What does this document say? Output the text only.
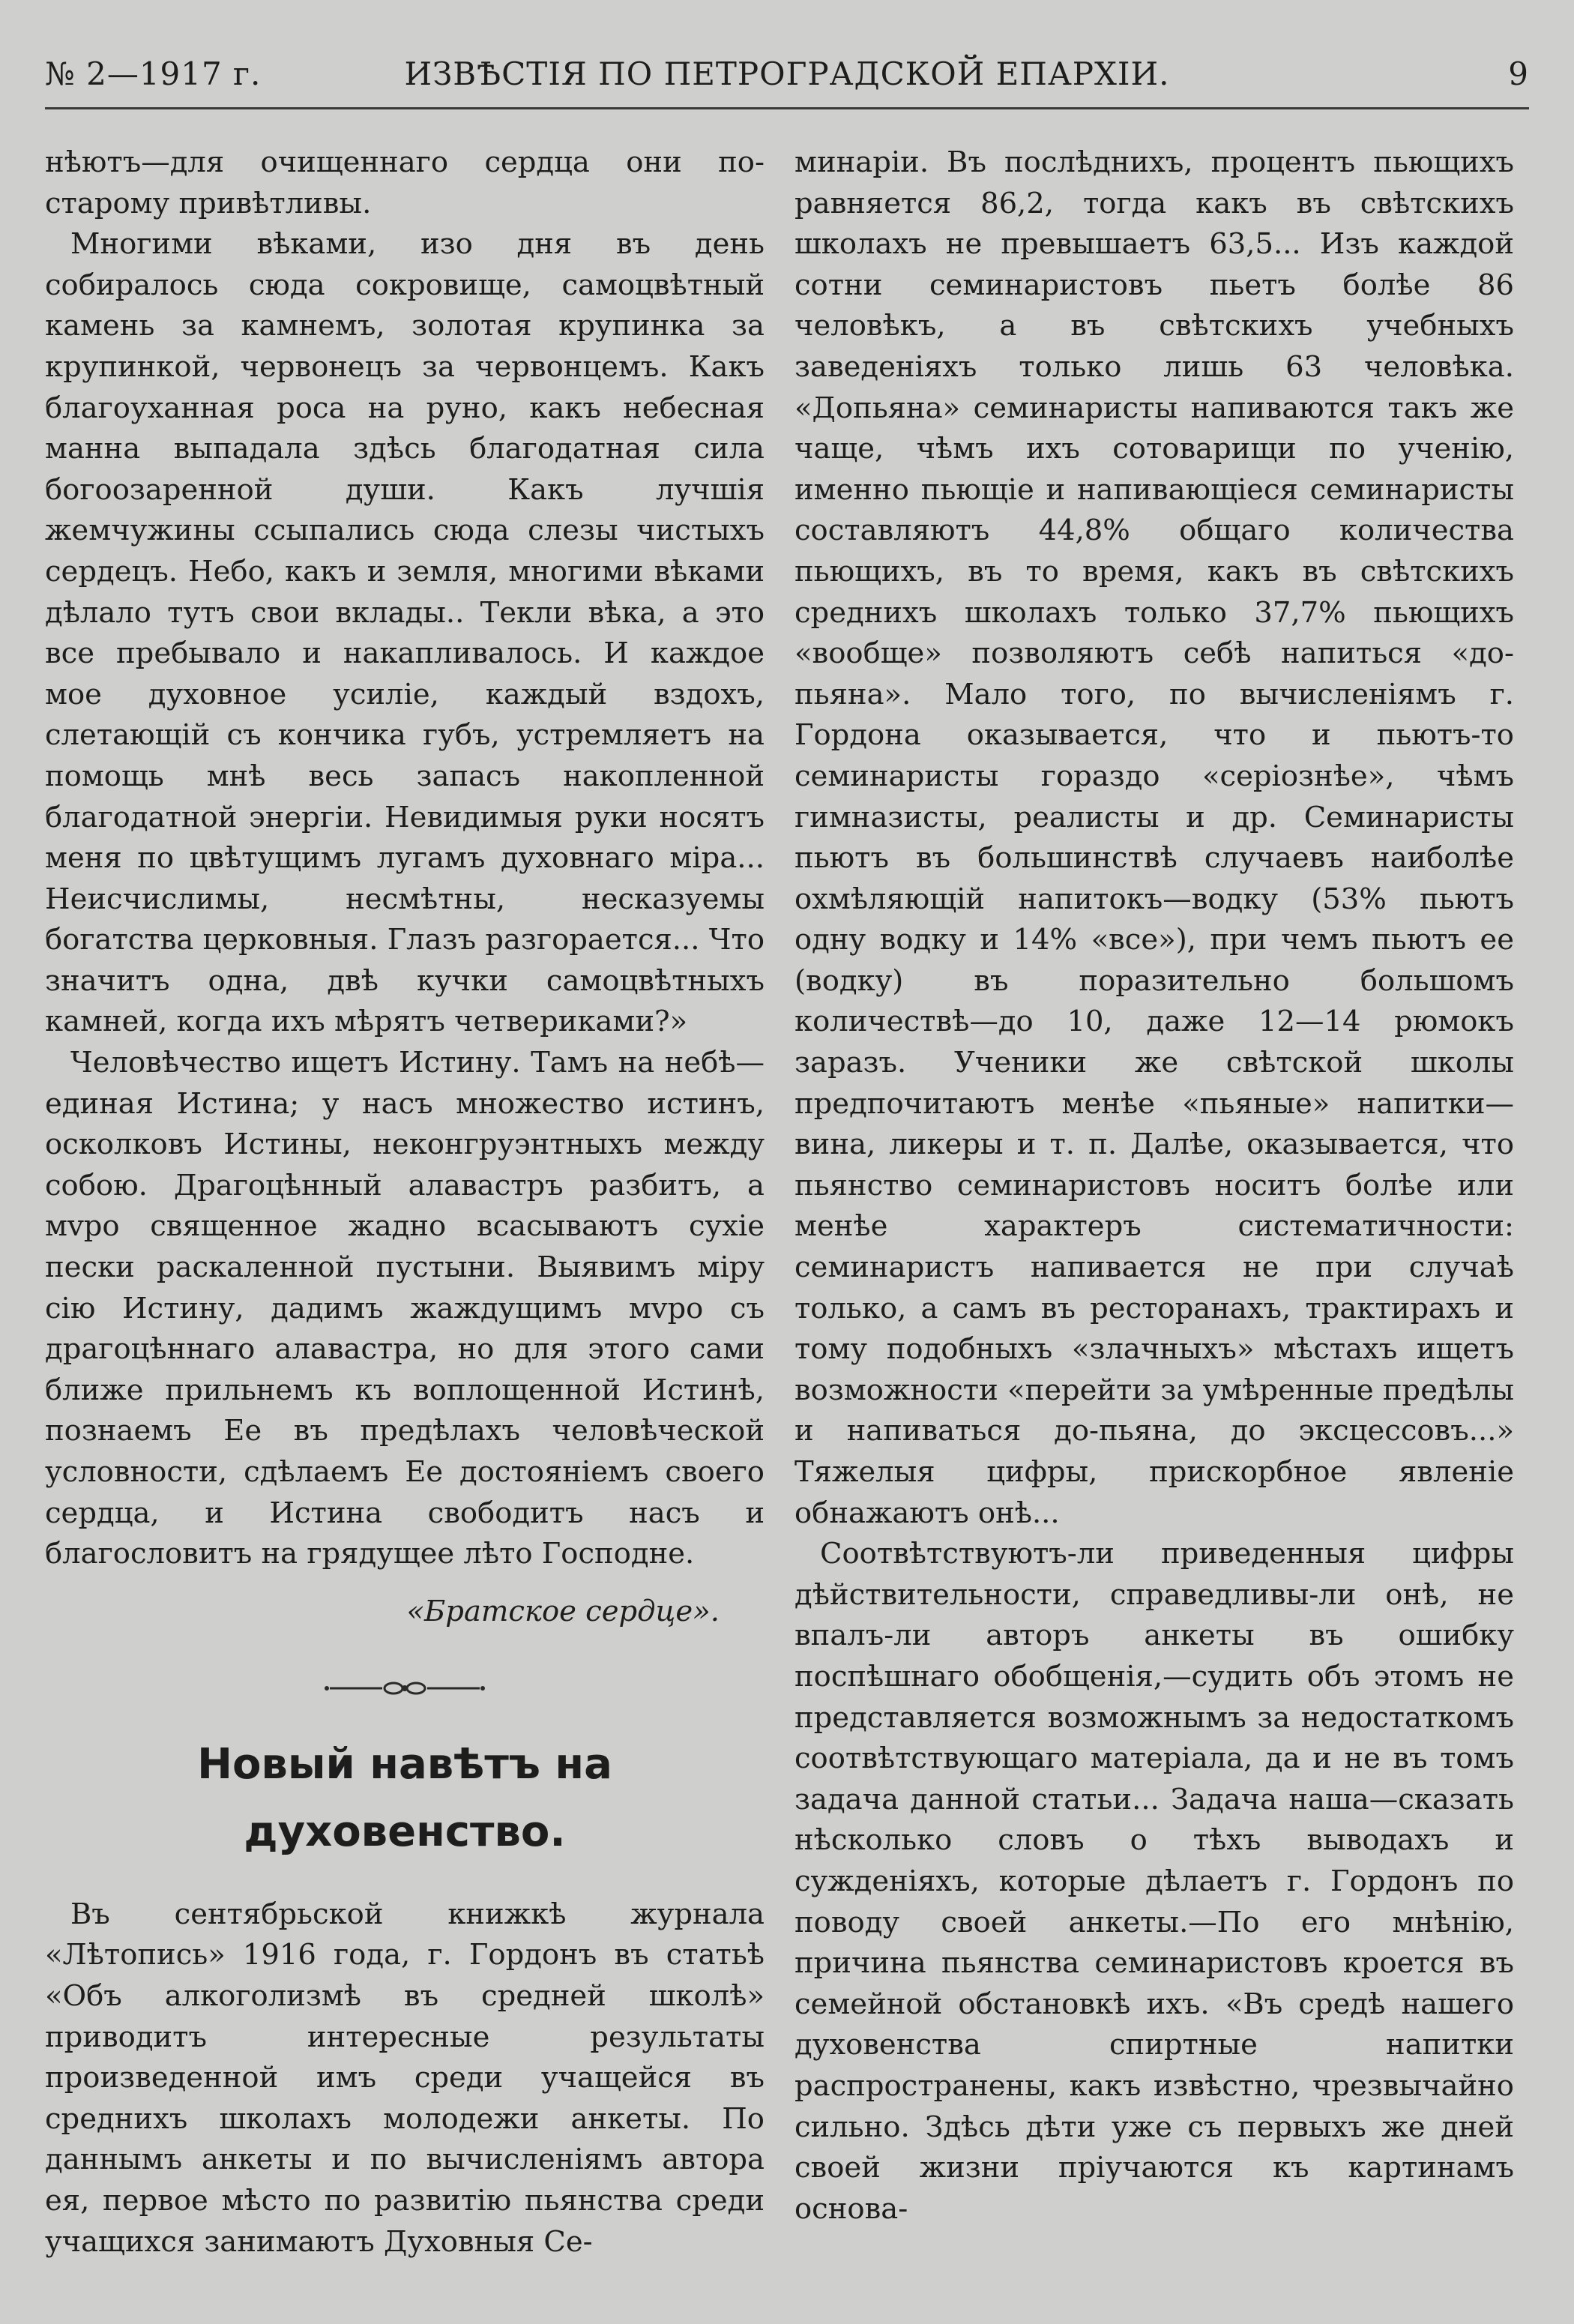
№ 2—1917 г.	ИЗВѢСТІЯ ПО ПЕТРОГРАДСКОЙ ЕПАРХІИ.	9

нѣютъ—для очищеннаго сердца они по-старому привѣтливы.

Многими вѣками, изо дня въ день собиралось сюда сокровище, самоцвѣтный камень за камнемъ, золотая крупинка за крупинкой, червонецъ за червонцемъ. Какъ благоуханная роса на руно, какъ небесная манна выпадала здѣсь благодатная сила богоозаренной души. Какъ лучшія жемчужины ссыпались сюда слезы чистыхъ сердецъ. Небо, какъ и земля, многими вѣками дѣлало тутъ свои вклады.. Текли вѣка, а это все пребывало и накапливалось. И каждое мое духовное усиліе, каждый вздохъ, слетающій съ кончика губъ, устремляетъ на помощь мнѣ весь запасъ накопленной благодатной энергіи. Невидимыя руки носятъ меня по цвѣтущимъ лугамъ духовнаго міра... Неисчислимы, несмѣтны, несказуемы богатства церковныя. Глазъ разгорается... Что значитъ одна, двѣ кучки самоцвѣтныхъ камней, когда ихъ мѣрятъ четвериками?»

Человѣчество ищетъ Истину. Тамъ на небѣ—единая Истина; у насъ множество истинъ, осколковъ Истины, неконгруэнтныхъ между собою. Драгоцѣнный алавастръ разбитъ, а мvро священное жадно всасываютъ сухіе пески раскаленной пустыни. Выявимъ міру сію Истину, дадимъ жаждущимъ мvро съ драгоцѣннаго алавастра, но для этого сами ближе прильнемъ къ воплощенной Истинѣ, познаемъ Ее въ предѣлахъ человѣческой условности, сдѣлаемъ Ее достояніемъ своего сердца, и Истина свободитъ насъ и благословитъ на грядущее лѣто Господне.

«Братское сердце».
Новый навѣтъ на духовенство.

Въ сентябрьской книжкѣ журнала «Лѣтопись» 1916 года, г. Гордонъ въ статьѣ «Объ алкоголизмѣ въ средней школѣ» приводитъ интересные результаты произведенной имъ среди учащейся въ среднихъ школахъ молодежи анкеты. По даннымъ анкеты и по вычисленіямъ автора ея, первое мѣсто по развитію пьянства среди учащихся занимаютъ Духовныя Се-

минаріи. Въ послѣднихъ, процентъ пьющихъ равняется 86,2, тогда какъ въ свѣтскихъ школахъ не превышаетъ 63,5... Изъ каждой сотни семинаристовъ пьетъ болѣе 86 человѣкъ, а въ свѣтскихъ учебныхъ заведеніяхъ только лишь 63 человѣка. «Допьяна» семинаристы напиваются такъ же чаще, чѣмъ ихъ сотоварищи по ученію, именно пьющіе и напивающіеся семинаристы составляютъ 44,8% общаго количества пьющихъ, въ то время, какъ въ свѣтскихъ среднихъ школахъ только 37,7% пьющихъ «вообще» позволяютъ себѣ напиться «до-пьяна». Мало того, по вычисленіямъ г. Гордона оказывается, что и пьютъ-то семинаристы гораздо «серіознѣе», чѣмъ гимназисты, реалисты и др. Семинаристы пьютъ въ большинствѣ случаевъ наиболѣе охмѣляющій напитокъ—водку (53% пьютъ одну водку и 14% «все»), при чемъ пьютъ ее (водку) въ поразительно большомъ количествѣ—до 10, даже 12—14 рюмокъ заразъ. Ученики же свѣтской школы предпочитаютъ менѣе «пьяные» напитки—вина, ликеры и т. п. Далѣе, оказывается, что пьянство семинаристовъ носитъ болѣе или менѣе характеръ систематичности: семинаристъ напивается не при случаѣ только, а самъ въ ресторанахъ, трактирахъ и тому подобныхъ «злачныхъ» мѣстахъ ищетъ возможности «перейти за умѣренные предѣлы и напиваться до-пьяна, до эксцессовъ...» Тяжелыя цифры, прискорбное явленіе обнажаютъ онѣ...

Соотвѣтствуютъ-ли приведенныя цифры дѣйствительности, справедливы-ли онѣ, не впалъ-ли авторъ анкеты въ ошибку поспѣшнаго обобщенія,—судить объ этомъ не представляется возможнымъ за недостаткомъ соотвѣтствующаго матеріала, да и не въ томъ задача данной статьи... Задача наша—сказать нѣсколько словъ о тѣхъ выводахъ и сужденіяхъ, которые дѣлаетъ г. Гордонъ по поводу своей анкеты.—По его мнѣнію, причина пьянства семинаристовъ кроется въ семейной обстановкѣ ихъ. «Въ средѣ нашего духовенства спиртные напитки распространены, какъ извѣстно, чрезвычайно сильно. Здѣсь дѣти уже съ первыхъ же дней своей жизни пріучаются къ картинамъ основа-
